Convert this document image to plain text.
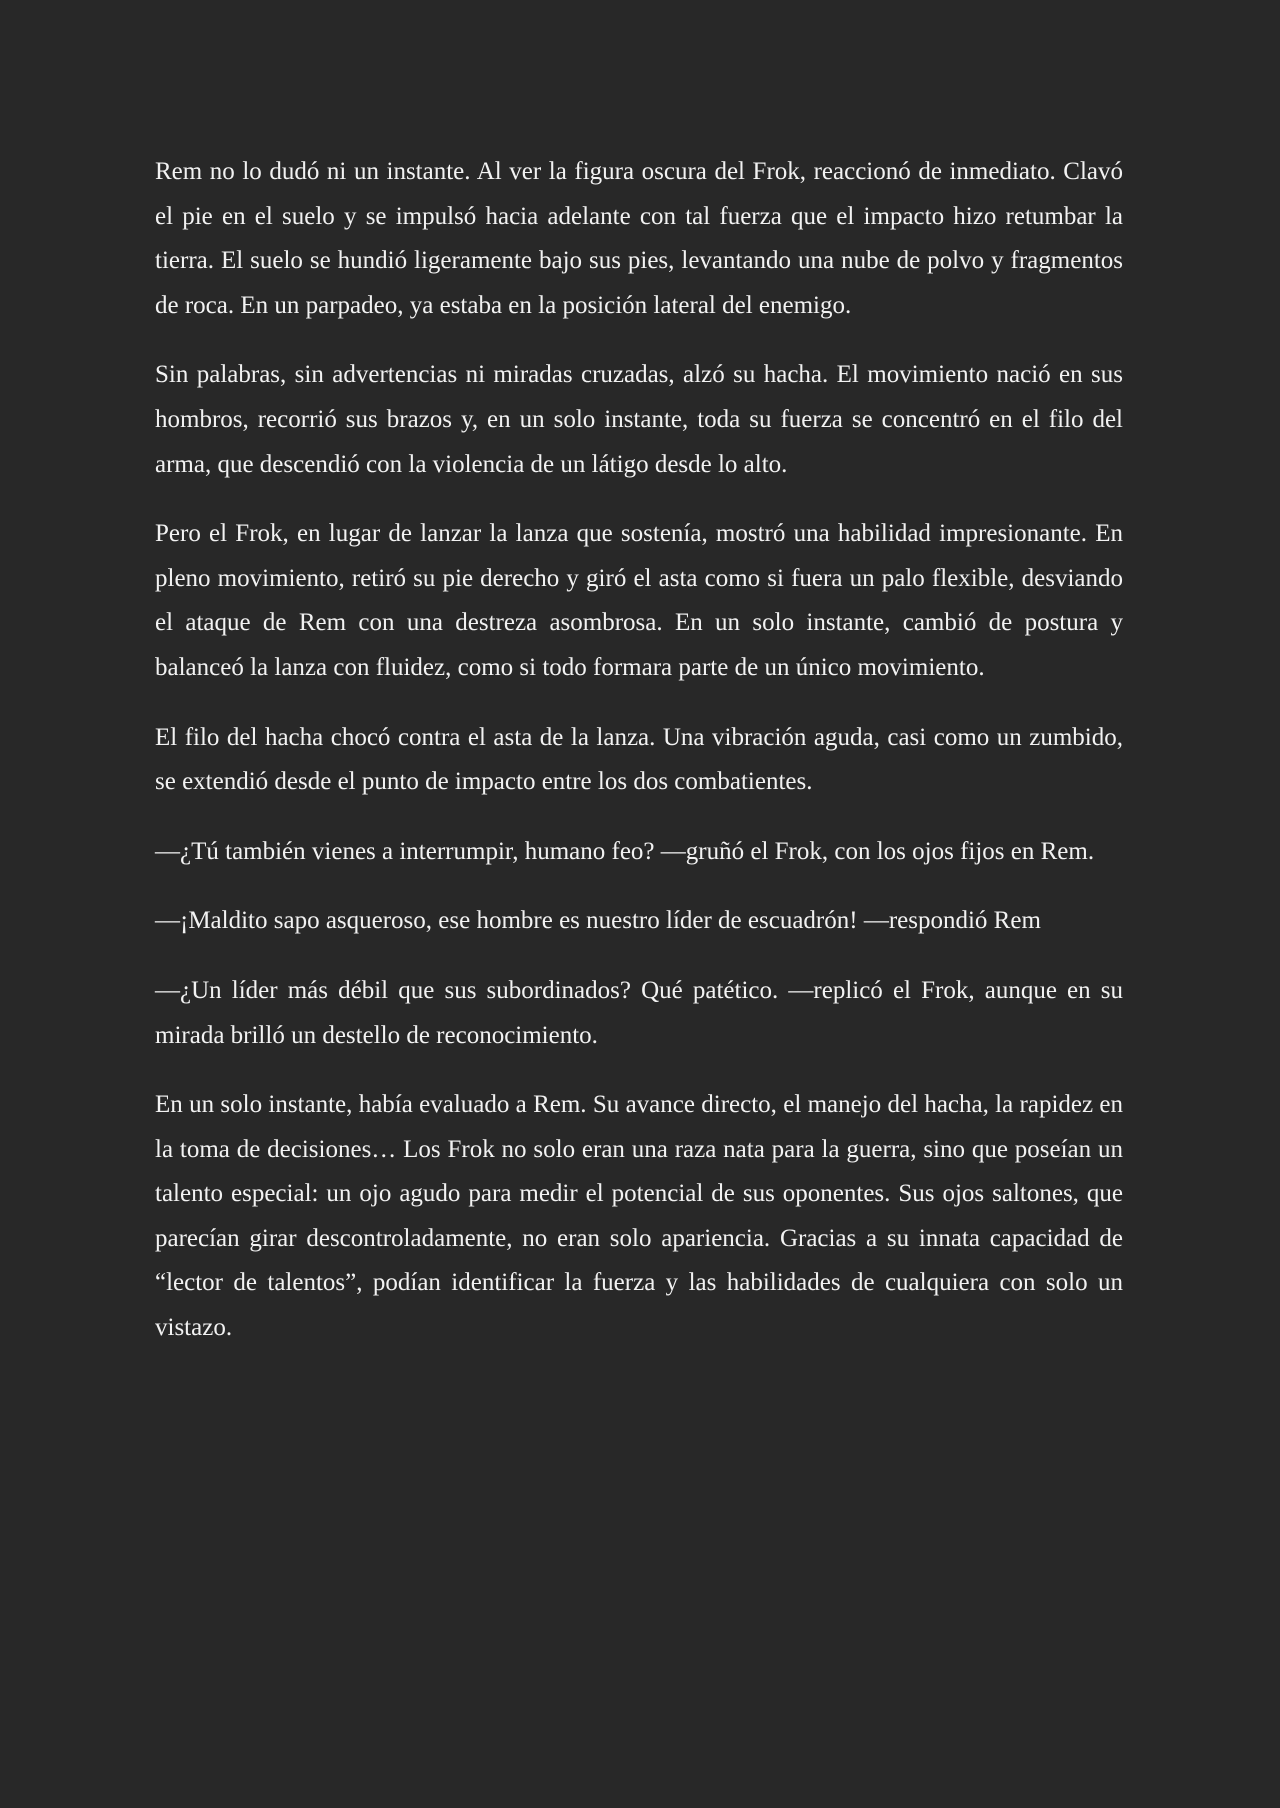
Rem no lo dudó ni un instante. Al ver la figura oscura del Frok, reaccionó de inmediato. Clavó el pie en el suelo y se impulsó hacia adelante con tal fuerza que el impacto hizo retumbar la tierra. El suelo se hundió ligeramente bajo sus pies, levantando una nube de polvo y fragmentos de roca. En un parpadeo, ya estaba en la posición lateral del enemigo.

Sin palabras, sin advertencias ni miradas cruzadas, alzó su hacha. El movimiento nació en sus hombros, recorrió sus brazos y, en un solo instante, toda su fuerza se concentró en el filo del arma, que descendió con la violencia de un látigo desde lo alto.

Pero el Frok, en lugar de lanzar la lanza que sostenía, mostró una habilidad impresionante. En pleno movimiento, retiró su pie derecho y giró el asta como si fuera un palo flexible, desviando el ataque de Rem con una destreza asombrosa. En un solo instante, cambió de postura y balanceó la lanza con fluidez, como si todo formara parte de un único movimiento.

El filo del hacha chocó contra el asta de la lanza. Una vibración aguda, casi como un zumbido, se extendió desde el punto de impacto entre los dos combatientes.

—¿Tú también vienes a interrumpir, humano feo? —gruñó el Frok, con los ojos fijos en Rem.

—¡Maldito sapo asqueroso, ese hombre es nuestro líder de escuadrón! —respondió Rem

—¿Un líder más débil que sus subordinados? Qué patético. —replicó el Frok, aunque en su mirada brilló un destello de reconocimiento.

En un solo instante, había evaluado a Rem. Su avance directo, el manejo del hacha, la rapidez en la toma de decisiones… Los Frok no solo eran una raza nata para la guerra, sino que poseían un talento especial: un ojo agudo para medir el potencial de sus oponentes. Sus ojos saltones, que parecían girar descontroladamente, no eran solo apariencia. Gracias a su innata capacidad de “lector de talentos”, podían identificar la fuerza y las habilidades de cualquiera con solo un vistazo.
